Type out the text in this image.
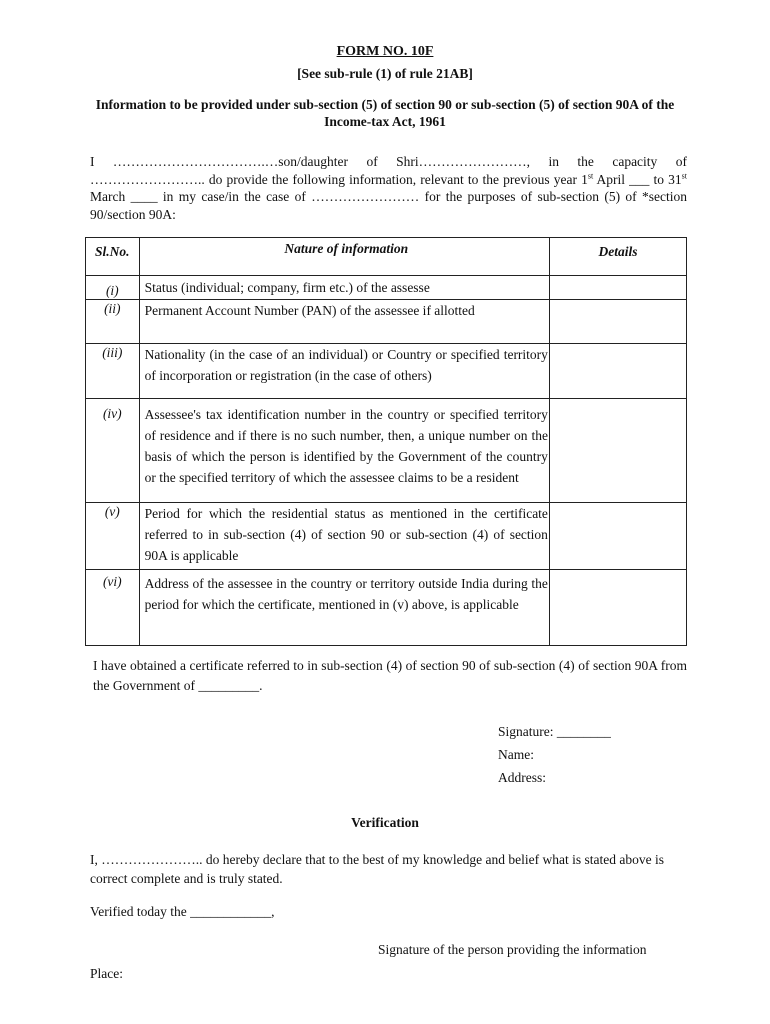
FORM NO. 10F
[See sub-rule (1) of rule 21AB]
Information to be provided under sub-section (5) of section 90 or sub-section (5) of section 90A of the Income-tax Act, 1961
I …………………………….…son/daughter of Shri……………………, in the capacity of …………………….. do provide the following information, relevant to the previous year 1st April ___ to 31st March ____ in my case/in the case of …………………… for the purposes of sub-section (5) of *section 90/section 90A:
Sl.No.	Nature of information	Details

(i)	Status (individual; company, firm etc.) of the assesse	

(ii)	Permanent Account Number (PAN) of the assessee if allotted	

(iii)	Nationality (in the case of an individual) or Country or specified territory of incorporation or registration (in the case of others)	

(iv)	Assessee's tax identification number in the country or specified territory of residence and if there is no such number, then, a unique number on the basis of which the person is identified by the Government of the country or the specified territory of which the assessee claims to be a resident	

(v)	Period for which the residential status as mentioned in the certificate referred to in sub-section (4) of section 90 or sub-section (4) of section 90A is applicable	

(vi)	Address of the assessee in the country or territory outside India during the period for which the certificate, mentioned in (v) above, is applicable	
I have obtained a certificate referred to in sub-section (4) of section 90 of sub-section (4) of section 90A from the Government of _________.
Signature: ________
Name:
Address:
Verification
I, ………………….. do hereby declare that to the best of my knowledge and belief what is stated above is correct complete and is truly stated.
Verified today the ____________,
Signature of the person providing the information
Place:
